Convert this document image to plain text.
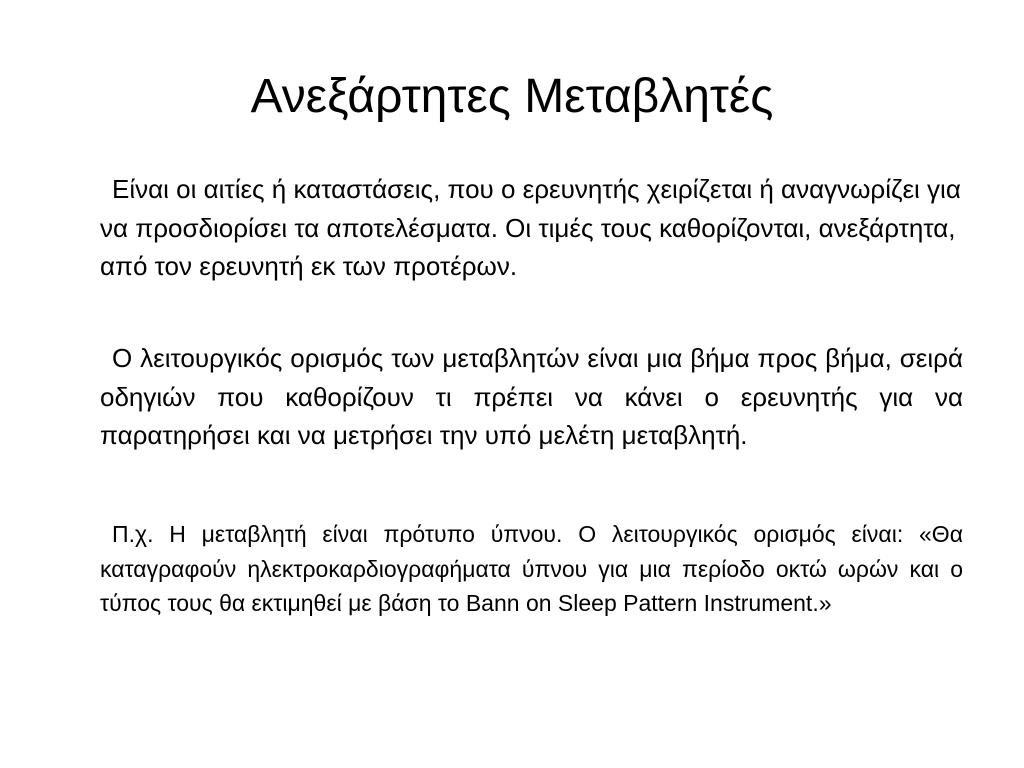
Ανεξάρτητες Μεταβλητές

Είναι οι αιτίες ή καταστάσεις, που ο ερευνητής χειρίζεται ή αναγνωρίζει για να προσδιορίσει τα αποτελέσματα. Οι τιμές τους καθορίζονται, ανεξάρτητα, από τον ερευνητή εκ των προτέρων.

Ο λειτουργικός ορισμός των μεταβλητών είναι μια βήμα προς βήμα, σειρά οδηγιών που καθορίζουν τι πρέπει να κάνει ο ερευνητής για να παρατηρήσει και να μετρήσει την υπό μελέτη μεταβλητή.

Π.χ. Η μεταβλητή είναι πρότυπο ύπνου. Ο λειτουργικός ορισμός είναι: «Θα καταγραφούν ηλεκτροκαρδιογραφήματα ύπνου για μια περίοδο οκτώ ωρών και ο τύπος τους θα εκτιμηθεί με βάση το Bann on Sleep Pattern Instrument.»
